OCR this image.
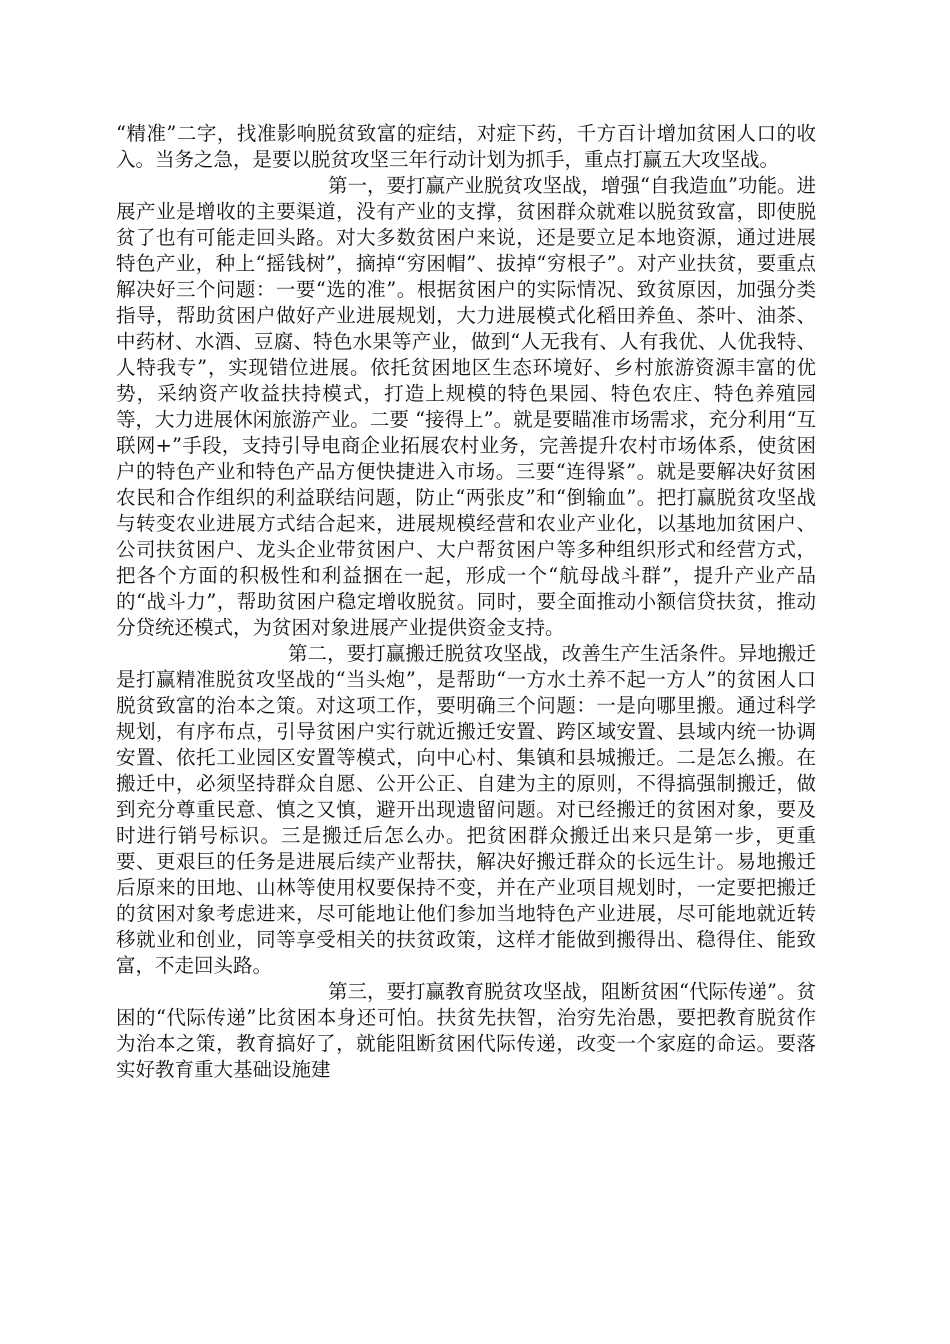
“精准”二字，找准影响脱贫致富的症结，对症下药，千方百计增加贫困人口的收入。当务之急，是要以脱贫攻坚三年行动计划为抓手，重点打赢五大攻坚战。

第一，要打赢产业脱贫攻坚战，增强“自我造血”功能。进展产业是增收的主要渠道，没有产业的支撑，贫困群众就难以脱贫致富，即使脱贫了也有可能走回头路。对大多数贫困户来说，还是要立足本地资源，通过进展特色产业，种上“摇钱树”，摘掉“穷困帽”、拔掉“穷根子”。对产业扶贫，要重点解决好三个问题：一要“选的准”。根据贫困户的实际情况、致贫原因，加强分类指导，帮助贫困户做好产业进展规划，大力进展模式化稻田养鱼、茶叶、油茶、中药材、水酒、豆腐、特色水果等产业，做到“人无我有、人有我优、人优我特、人特我专”，实现错位进展。依托贫困地区生态环境好、乡村旅游资源丰富的优势，采纳资产收益扶持模式，打造上规模的特色果园、特色农庄、特色养殖园等，大力进展休闲旅游产业。二要 “接得上”。就是要瞄准市场需求，充分利用“互联网+”手段，支持引导电商企业拓展农村业务，完善提升农村市场体系，使贫困户的特色产业和特色产品方便快捷进入市场。三要“连得紧”。就是要解决好贫困农民和合作组织的利益联结问题，防止“两张皮”和“倒输血”。把打赢脱贫攻坚战与转变农业进展方式结合起来，进展规模经营和农业产业化，以基地加贫困户、公司扶贫困户、龙头企业带贫困户、大户帮贫困户等多种组织形式和经营方式，把各个方面的积极性和利益捆在一起，形成一个“航母战斗群”，提升产业产品的“战斗力”，帮助贫困户稳定增收脱贫。同时，要全面推动小额信贷扶贫，推动分贷统还模式，为贫困对象进展产业提供资金支持。

第二，要打赢搬迁脱贫攻坚战，改善生产生活条件。异地搬迁是打赢精准脱贫攻坚战的“当头炮”，是帮助“一方水土养不起一方人”的贫困人口脱贫致富的治本之策。对这项工作，要明确三个问题：一是向哪里搬。通过科学规划，有序布点，引导贫困户实行就近搬迁安置、跨区域安置、县域内统一协调安置、依托工业园区安置等模式，向中心村、集镇和县城搬迁。二是怎么搬。在搬迁中，必须坚持群众自愿、公开公正、自建为主的原则，不得搞强制搬迁，做到充分尊重民意、慎之又慎，避开出现遗留问题。对已经搬迁的贫困对象，要及时进行销号标识。三是搬迁后怎么办。把贫困群众搬迁出来只是第一步，更重要、更艰巨的任务是进展后续产业帮扶，解决好搬迁群众的长远生计。易地搬迁后原来的田地、山林等使用权要保持不变，并在产业项目规划时，一定要把搬迁的贫困对象考虑进来，尽可能地让他们参加当地特色产业进展，尽可能地就近转移就业和创业，同等享受相关的扶贫政策，这样才能做到搬得出、稳得住、能致富，不走回头路。

第三，要打赢教育脱贫攻坚战，阻断贫困“代际传递”。贫困的“代际传递”比贫困本身还可怕。扶贫先扶智，治穷先治愚，要把教育脱贫作为治本之策，教育搞好了，就能阻断贫困代际传递，改变一个家庭的命运。要落实好教育重大基础设施建
